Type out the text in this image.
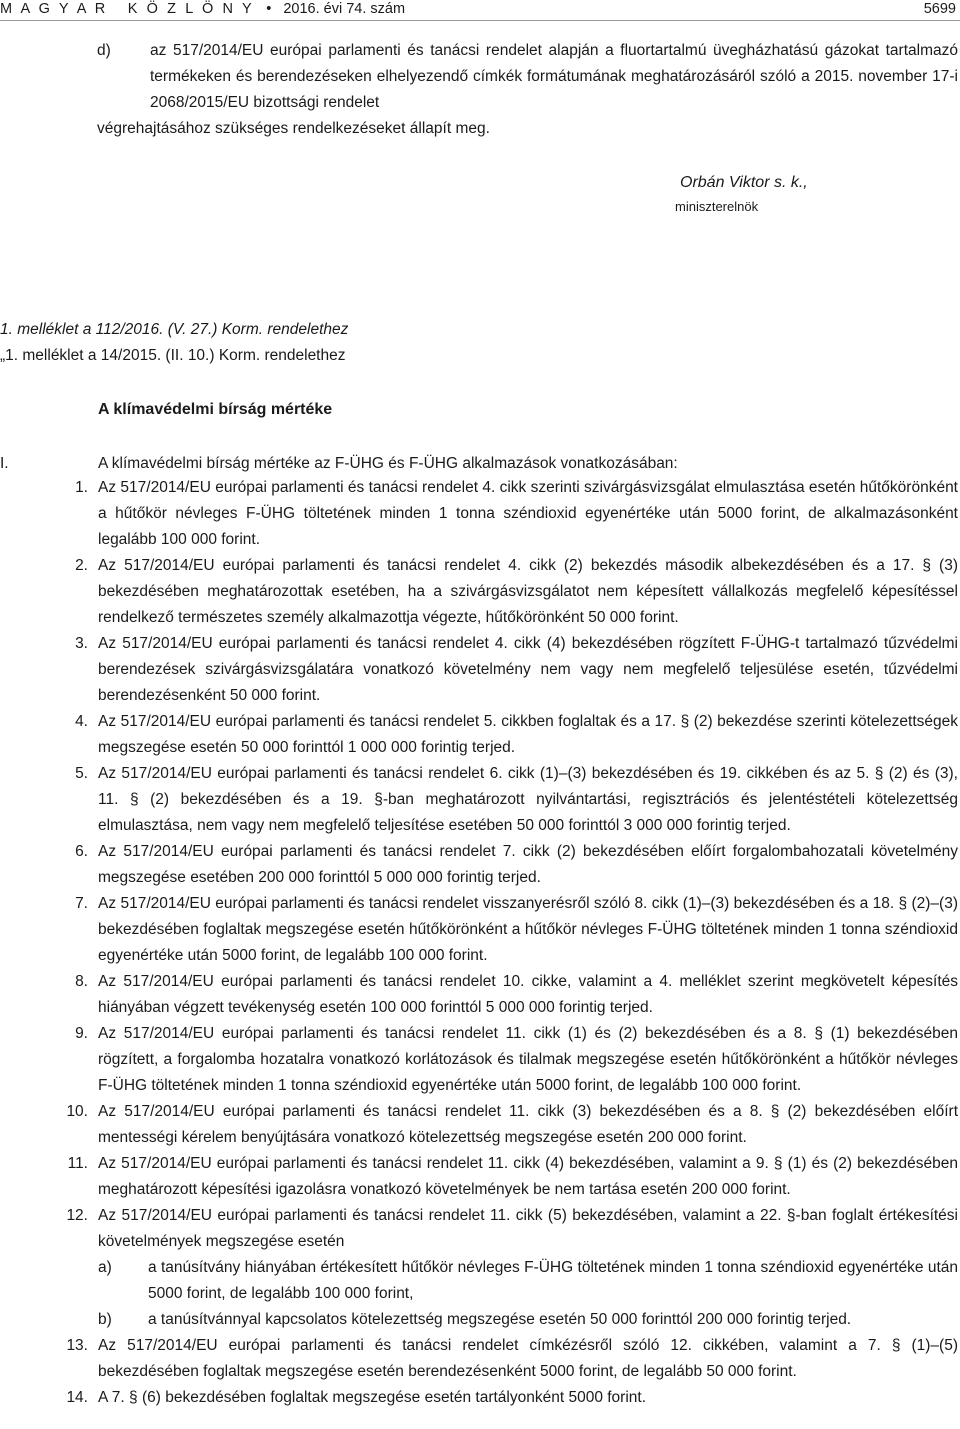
M A G Y A R   K Ö Z L Ö N Y • 2016. évi 74. szám	5699
d)	az 517/2014/EU európai parlamenti és tanácsi rendelet alapján a fluortartalmú üvegházhatású gázokat tartalmazó termékeken és berendezéseken elhelyezendő címkék formátumának meghatározásáról szóló a 2015. november 17-i 2068/2015/EU bizottsági rendelet
végrehajtásához szükséges rendelkezéseket állapít meg.
Orbán Viktor s. k.,
miniszterelnök
1. melléklet a 112/2016. (V. 27.) Korm. rendelethez
„1. melléklet a 14/2015. (II. 10.) Korm. rendelethez
A klímavédelmi bírság mértéke
I.	A klímavédelmi bírság mértéke az F-ÜHG és F-ÜHG alkalmazások vonatkozásában:
1. Az 517/2014/EU európai parlamenti és tanácsi rendelet 4. cikk szerinti szivárgásvizsgálat elmulasztása esetén hűtőkörönként a hűtőkör névleges F-ÜHG töltetének minden 1 tonna széndioxid egyenértéke után 5000 forint, de alkalmazásonként legalább 100 000 forint.
2. Az 517/2014/EU európai parlamenti és tanácsi rendelet 4. cikk (2) bekezdés második albekezdésében és a 17. § (3) bekezdésében meghatározottak esetében, ha a szivárgásvizsgálatot nem képesített vállalkozás megfelelő képesítéssel rendelkező természetes személy alkalmazottja végezte, hűtőkörönként 50 000 forint.
3. Az 517/2014/EU európai parlamenti és tanácsi rendelet 4. cikk (4) bekezdésében rögzített F-ÜHG-t tartalmazó tűzvédelmi berendezések szivárgásvizsgálatára vonatkozó követelmény nem vagy nem megfelelő teljesülése esetén, tűzvédelmi berendezésenként 50 000 forint.
4. Az 517/2014/EU európai parlamenti és tanácsi rendelet 5. cikkben foglaltak és a 17. § (2) bekezdése szerinti kötelezettségek megszegése esetén 50 000 forinttól 1 000 000 forintig terjed.
5. Az 517/2014/EU európai parlamenti és tanácsi rendelet 6. cikk (1)–(3) bekezdésében és 19. cikkében és az 5. § (2) és (3), 11. § (2) bekezdésében és a 19. §-ban meghatározott nyilvántartási, regisztrációs és jelentéstételi kötelezettség elmulasztása, nem vagy nem megfelelő teljesítése esetében 50 000 forinttól 3 000 000 forintig terjed.
6. Az 517/2014/EU európai parlamenti és tanácsi rendelet 7. cikk (2) bekezdésében előírt forgalombahozatali követelmény megszegése esetében 200 000 forinttól 5 000 000 forintig terjed.
7. Az 517/2014/EU európai parlamenti és tanácsi rendelet visszanyerésről szóló 8. cikk (1)–(3) bekezdésében és a 18. § (2)–(3) bekezdésében foglaltak megszegése esetén hűtőkörönként a hűtőkör névleges F-ÜHG töltetének minden 1 tonna széndioxid egyenértéke után 5000 forint, de legalább 100 000 forint.
8. Az 517/2014/EU európai parlamenti és tanácsi rendelet 10. cikke, valamint a 4. melléklet szerint megkövetelt képesítés hiányában végzett tevékenység esetén 100 000 forinttól 5 000 000 forintig terjed.
9. Az 517/2014/EU európai parlamenti és tanácsi rendelet 11. cikk (1) és (2) bekezdésében és a 8. § (1) bekezdésében rögzített, a forgalomba hozatalra vonatkozó korlátozások és tilalmak megszegése esetén hűtőkörönként a hűtőkör névleges F-ÜHG töltetének minden 1 tonna széndioxid egyenértéke után 5000 forint, de legalább 100 000 forint.
10. Az 517/2014/EU európai parlamenti és tanácsi rendelet 11. cikk (3) bekezdésében és a 8. § (2) bekezdésében előírt mentességi kérelem benyújtására vonatkozó kötelezettség megszegése esetén 200 000 forint.
11. Az 517/2014/EU európai parlamenti és tanácsi rendelet 11. cikk (4) bekezdésében, valamint a 9. § (1) és (2) bekezdésében meghatározott képesítési igazolásra vonatkozó követelmények be nem tartása esetén 200 000 forint.
12. Az 517/2014/EU európai parlamenti és tanácsi rendelet 11. cikk (5) bekezdésében, valamint a 22. §-ban foglalt értékesítési követelmények megszegése esetén
a) a tanúsítvány hiányában értékesített hűtőkör névleges F-ÜHG töltetének minden 1 tonna széndioxid egyenértéke után 5000 forint, de legalább 100 000 forint,
b) a tanúsítvánnyal kapcsolatos kötelezettség megszegése esetén 50 000 forinttól 200 000 forintig terjed.
13. Az 517/2014/EU európai parlamenti és tanácsi rendelet címkézésről szóló 12. cikkében, valamint a 7. § (1)–(5) bekezdésében foglaltak megszegése esetén berendezésenként 5000 forint, de legalább 50 000 forint.
14. A 7. § (6) bekezdésében foglaltak megszegése esetén tartályonként 5000 forint.
